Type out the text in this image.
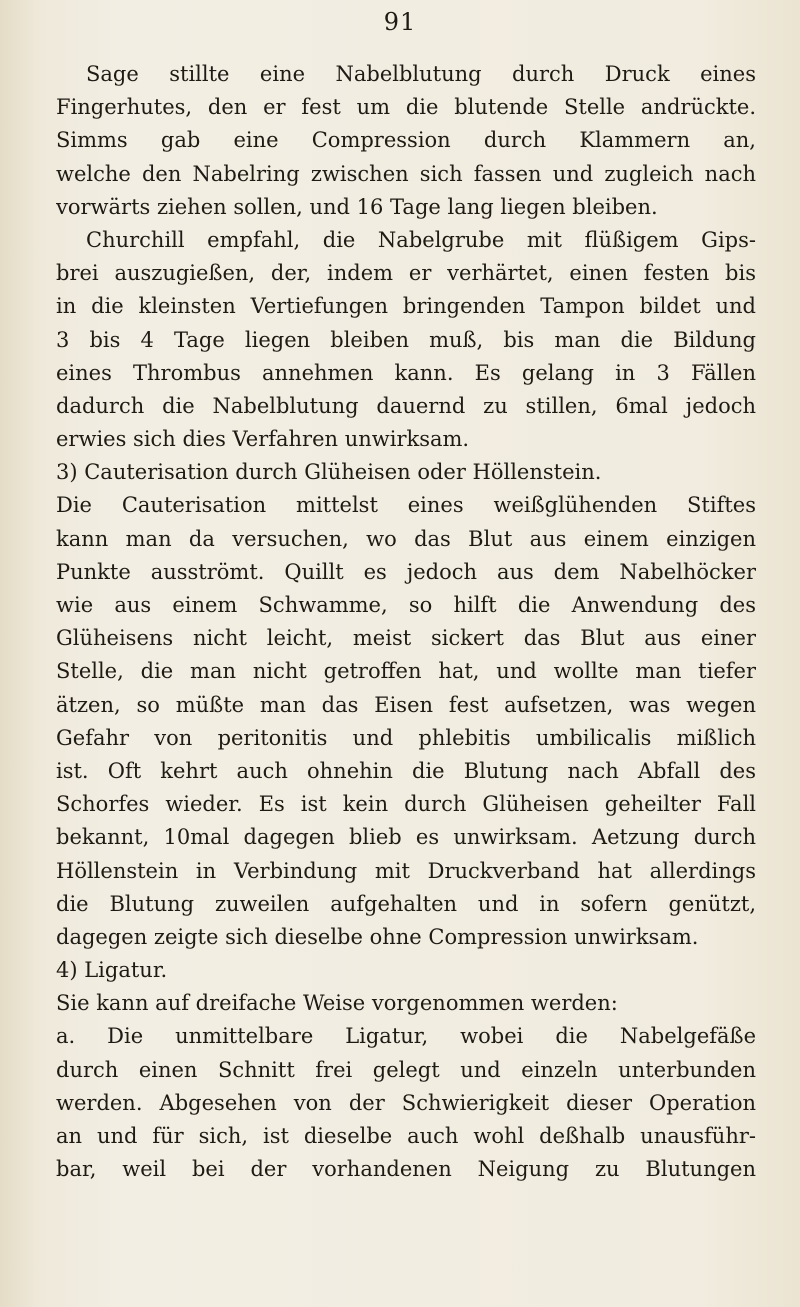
91
Sage stillte eine Nabelblutung durch Druck eines
Fingerhutes, den er fest um die blutende Stelle andrückte.
Simms gab eine Compression durch Klammern an,
welche den Nabelring zwischen sich fassen und zugleich nach
vorwärts ziehen sollen, und 16 Tage lang liegen bleiben.
Churchill empfahl, die Nabelgrube mit flüßigem Gips-
brei auszugießen, der, indem er verhärtet, einen festen bis
in die kleinsten Vertiefungen bringenden Tampon bildet und
3 bis 4 Tage liegen bleiben muß, bis man die Bildung
eines Thrombus annehmen kann. Es gelang in 3 Fällen
dadurch die Nabelblutung dauernd zu stillen, 6mal jedoch
erwies sich dies Verfahren unwirksam.
3) Cauterisation durch Glüheisen oder Höllenstein.
Die Cauterisation mittelst eines weißglühenden Stiftes
kann man da versuchen, wo das Blut aus einem einzigen
Punkte ausströmt. Quillt es jedoch aus dem Nabelhöcker
wie aus einem Schwamme, so hilft die Anwendung des
Glüheisens nicht leicht, meist sickert das Blut aus einer
Stelle, die man nicht getroffen hat, und wollte man tiefer
ätzen, so müßte man das Eisen fest aufsetzen, was wegen
Gefahr von peritonitis und phlebitis umbilicalis mißlich
ist. Oft kehrt auch ohnehin die Blutung nach Abfall des
Schorfes wieder. Es ist kein durch Glüheisen geheilter Fall
bekannt, 10mal dagegen blieb es unwirksam. Aetzung durch
Höllenstein in Verbindung mit Druckverband hat allerdings
die Blutung zuweilen aufgehalten und in sofern genützt,
dagegen zeigte sich dieselbe ohne Compression unwirksam.
4) Ligatur.
Sie kann auf dreifache Weise vorgenommen werden:
a. Die unmittelbare Ligatur, wobei die Nabelgefäße
durch einen Schnitt frei gelegt und einzeln unterbunden
werden. Abgesehen von der Schwierigkeit dieser Operation
an und für sich, ist dieselbe auch wohl deßhalb unausführ-
bar, weil bei der vorhandenen Neigung zu Blutungen
